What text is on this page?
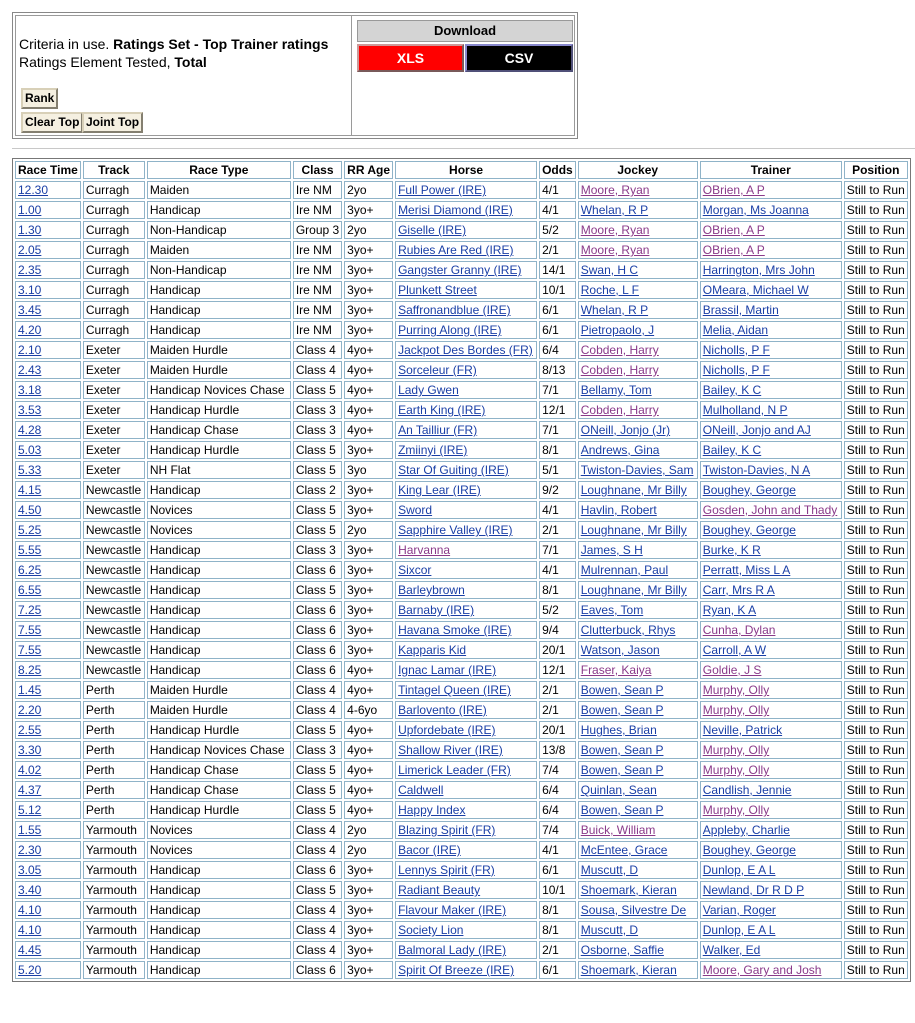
Criteria in use. Ratings Set - Top Trainer ratings
Ratings Element Tested, Total
Rank
Clear Top Joint Top
Download
XLS	CSV
Race Time	Track	Race Type	Class	RR Age	Horse	Odds	Jockey	Trainer	Position
12.30	Curragh	Maiden	Ire NM	2yo	Full Power (IRE)	4/1	Moore, Ryan	OBrien, A P	Still to Run
1.00	Curragh	Handicap	Ire NM	3yo+	Merisi Diamond (IRE)	4/1	Whelan, R P	Morgan, Ms Joanna	Still to Run
1.30	Curragh	Non-Handicap	Group 3	2yo	Giselle (IRE)	5/2	Moore, Ryan	OBrien, A P	Still to Run
2.05	Curragh	Maiden	Ire NM	3yo+	Rubies Are Red (IRE)	2/1	Moore, Ryan	OBrien, A P	Still to Run
2.35	Curragh	Non-Handicap	Ire NM	3yo+	Gangster Granny (IRE)	14/1	Swan, H C	Harrington, Mrs John	Still to Run
3.10	Curragh	Handicap	Ire NM	3yo+	Plunkett Street	10/1	Roche, L F	OMeara, Michael W	Still to Run
3.45	Curragh	Handicap	Ire NM	3yo+	Saffronandblue (IRE)	6/1	Whelan, R P	Brassil, Martin	Still to Run
4.20	Curragh	Handicap	Ire NM	3yo+	Purring Along (IRE)	6/1	Pietropaolo, J	Melia, Aidan	Still to Run
2.10	Exeter	Maiden Hurdle	Class 4	4yo+	Jackpot Des Bordes (FR)	6/4	Cobden, Harry	Nicholls, P F	Still to Run
2.43	Exeter	Maiden Hurdle	Class 4	4yo+	Sorceleur (FR)	8/13	Cobden, Harry	Nicholls, P F	Still to Run
3.18	Exeter	Handicap Novices Chase	Class 5	4yo+	Lady Gwen	7/1	Bellamy, Tom	Bailey, K C	Still to Run
3.53	Exeter	Handicap Hurdle	Class 3	4yo+	Earth King (IRE)	12/1	Cobden, Harry	Mulholland, N P	Still to Run
4.28	Exeter	Handicap Chase	Class 3	4yo+	An Tailliur (FR)	7/1	ONeill, Jonjo (Jr)	ONeill, Jonjo and AJ	Still to Run
5.03	Exeter	Handicap Hurdle	Class 5	3yo+	Zmiinyi (IRE)	8/1	Andrews, Gina	Bailey, K C	Still to Run
5.33	Exeter	NH Flat	Class 5	3yo	Star Of Guiting (IRE)	5/1	Twiston-Davies, Sam	Twiston-Davies, N A	Still to Run
4.15	Newcastle	Handicap	Class 2	3yo+	King Lear (IRE)	9/2	Loughnane, Mr Billy	Boughey, George	Still to Run
4.50	Newcastle	Novices	Class 5	3yo+	Sword	4/1	Havlin, Robert	Gosden, John and Thady	Still to Run
5.25	Newcastle	Novices	Class 5	2yo	Sapphire Valley (IRE)	2/1	Loughnane, Mr Billy	Boughey, George	Still to Run
5.55	Newcastle	Handicap	Class 3	3yo+	Harvanna	7/1	James, S H	Burke, K R	Still to Run
6.25	Newcastle	Handicap	Class 6	3yo+	Sixcor	4/1	Mulrennan, Paul	Perratt, Miss L A	Still to Run
6.55	Newcastle	Handicap	Class 5	3yo+	Barleybrown	8/1	Loughnane, Mr Billy	Carr, Mrs R A	Still to Run
7.25	Newcastle	Handicap	Class 6	3yo+	Barnaby (IRE)	5/2	Eaves, Tom	Ryan, K A	Still to Run
7.55	Newcastle	Handicap	Class 6	3yo+	Havana Smoke (IRE)	9/4	Clutterbuck, Rhys	Cunha, Dylan	Still to Run
7.55	Newcastle	Handicap	Class 6	3yo+	Kapparis Kid	20/1	Watson, Jason	Carroll, A W	Still to Run
8.25	Newcastle	Handicap	Class 6	4yo+	Ignac Lamar (IRE)	12/1	Fraser, Kaiya	Goldie, J S	Still to Run
1.45	Perth	Maiden Hurdle	Class 4	4yo+	Tintagel Queen (IRE)	2/1	Bowen, Sean P	Murphy, Olly	Still to Run
2.20	Perth	Maiden Hurdle	Class 4	4-6yo	Barlovento (IRE)	2/1	Bowen, Sean P	Murphy, Olly	Still to Run
2.55	Perth	Handicap Hurdle	Class 5	4yo+	Upfordebate (IRE)	20/1	Hughes, Brian	Neville, Patrick	Still to Run
3.30	Perth	Handicap Novices Chase	Class 3	4yo+	Shallow River (IRE)	13/8	Bowen, Sean P	Murphy, Olly	Still to Run
4.02	Perth	Handicap Chase	Class 5	4yo+	Limerick Leader (FR)	7/4	Bowen, Sean P	Murphy, Olly	Still to Run
4.37	Perth	Handicap Chase	Class 5	4yo+	Caldwell	6/4	Quinlan, Sean	Candlish, Jennie	Still to Run
5.12	Perth	Handicap Hurdle	Class 5	4yo+	Happy Index	6/4	Bowen, Sean P	Murphy, Olly	Still to Run
1.55	Yarmouth	Novices	Class 4	2yo	Blazing Spirit (FR)	7/4	Buick, William	Appleby, Charlie	Still to Run
2.30	Yarmouth	Novices	Class 4	2yo	Bacor (IRE)	4/1	McEntee, Grace	Boughey, George	Still to Run
3.05	Yarmouth	Handicap	Class 6	3yo+	Lennys Spirit (FR)	6/1	Muscutt, D	Dunlop, E A L	Still to Run
3.40	Yarmouth	Handicap	Class 5	3yo+	Radiant Beauty	10/1	Shoemark, Kieran	Newland, Dr R D P	Still to Run
4.10	Yarmouth	Handicap	Class 4	3yo+	Flavour Maker (IRE)	8/1	Sousa, Silvestre De	Varian, Roger	Still to Run
4.10	Yarmouth	Handicap	Class 4	3yo+	Society Lion	8/1	Muscutt, D	Dunlop, E A L	Still to Run
4.45	Yarmouth	Handicap	Class 4	3yo+	Balmoral Lady (IRE)	2/1	Osborne, Saffie	Walker, Ed	Still to Run
5.20	Yarmouth	Handicap	Class 6	3yo+	Spirit Of Breeze (IRE)	6/1	Shoemark, Kieran	Moore, Gary and Josh	Still to Run
